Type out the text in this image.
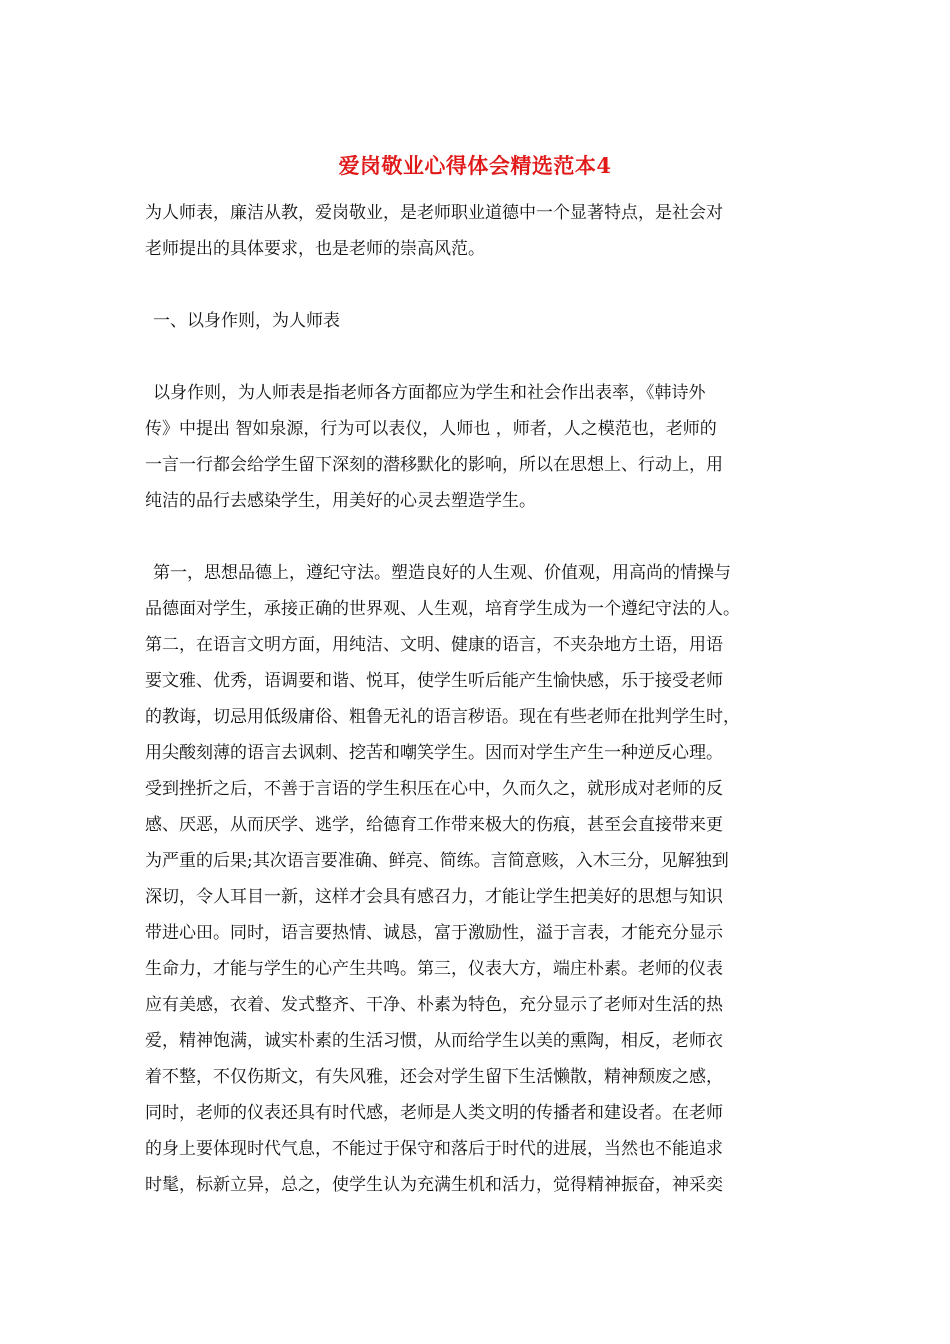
爱岗敬业心得体会精选范本4
为人师表，廉洁从教，爱岗敬业，是老师职业道德中一个显著特点，是社会对
老师提出的具体要求，也是老师的崇高风范。
一、以身作则，为人师表
以身作则，为人师表是指老师各方面都应为学生和社会作出表率，《韩诗外
传》中提出 智如泉源，行为可以表仪，人师也 ，师者，人之模范也，老师的
一言一行都会给学生留下深刻的潜移默化的影响，所以在思想上、行动上，用
纯洁的品行去感染学生，用美好的心灵去塑造学生。
第一，思想品德上，遵纪守法。塑造良好的人生观、价值观，用高尚的情操与
品德面对学生，承接正确的世界观、人生观，培育学生成为一个遵纪守法的人。
第二，在语言文明方面，用纯洁、文明、健康的语言，不夹杂地方土语，用语
要文雅、优秀，语调要和谐、悦耳，使学生听后能产生愉快感，乐于接受老师
的教诲，切忌用低级庸俗、粗鲁无礼的语言秽语。现在有些老师在批判学生时，
用尖酸刻薄的语言去讽刺、挖苦和嘲笑学生。因而对学生产生一种逆反心理。
受到挫折之后，不善于言语的学生积压在心中，久而久之，就形成对老师的反
感、厌恶，从而厌学、逃学，给德育工作带来极大的伤痕，甚至会直接带来更
为严重的后果;其次语言要准确、鲜亮、简练。言简意赅，入木三分，见解独到
深切，令人耳目一新，这样才会具有感召力，才能让学生把美好的思想与知识
带进心田。同时，语言要热情、诚恳，富于激励性，溢于言表，才能充分显示
生命力，才能与学生的心产生共鸣。第三，仪表大方，端庄朴素。老师的仪表
应有美感，衣着、发式整齐、干净、朴素为特色，充分显示了老师对生活的热
爱，精神饱满，诚实朴素的生活习惯，从而给学生以美的熏陶，相反，老师衣
着不整，不仅伤斯文，有失风雅，还会对学生留下生活懒散，精神颓废之感，
同时，老师的仪表还具有时代感，老师是人类文明的传播者和建设者。在老师
的身上要体现时代气息，不能过于保守和落后于时代的进展，当然也不能追求
时髦，标新立异，总之，使学生认为充满生机和活力，觉得精神振奋，神采奕
